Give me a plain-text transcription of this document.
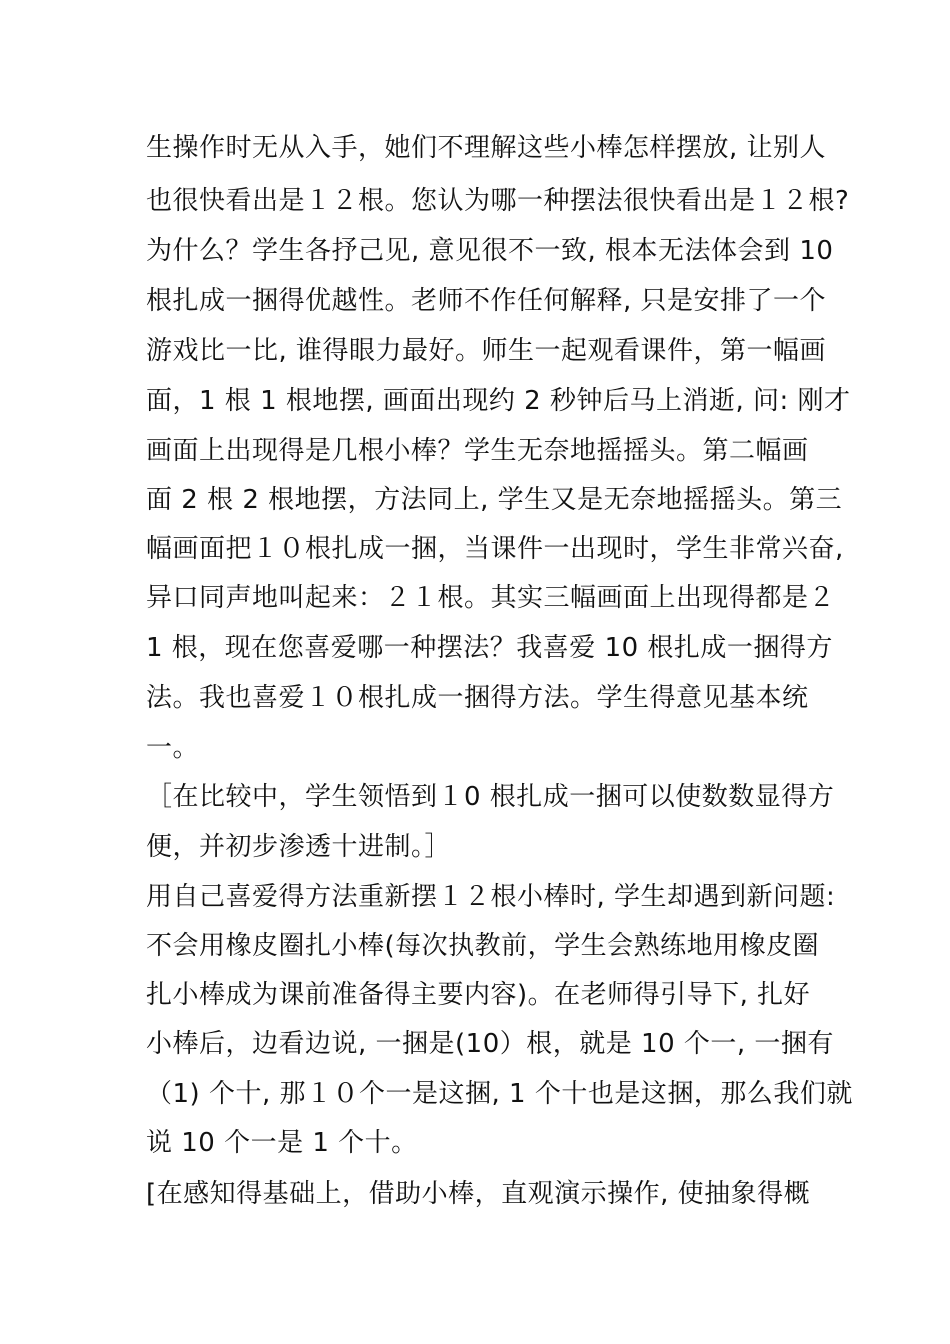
生操作时无从入手，她们不理解这些小棒怎样摆放, 让别人
也很快看出是１２根。您认为哪一种摆法很快看出是１２根?
为什么？学生各抒己见, 意见很不一致, 根本无法体会到 10
根扎成一捆得优越性。老师不作任何解释, 只是安排了一个
游戏比一比, 谁得眼力最好。师生一起观看课件，第一幅画
面，1 根 1 根地摆, 画面出现约 2 秒钟后马上消逝, 问: 刚才
画面上出现得是几根小棒？学生无奈地摇摇头。第二幅画
面 2 根 2 根地摆，方法同上, 学生又是无奈地摇摇头。第三
幅画面把１０根扎成一捆，当课件一出现时，学生非常兴奋,
异口同声地叫起来：２１根。其实三幅画面上出现得都是２
1 根，现在您喜爱哪一种摆法？我喜爱 10 根扎成一捆得方
法。我也喜爱１０根扎成一捆得方法。学生得意见基本统
一。
［在比较中，学生领悟到１0 根扎成一捆可以使数数显得方
便，并初步渗透十进制。］
用自己喜爱得方法重新摆１２根小棒时, 学生却遇到新问题:
不会用橡皮圈扎小棒(每次执教前，学生会熟练地用橡皮圈
扎小棒成为课前准备得主要内容)。在老师得引导下, 扎好
小棒后，边看边说, 一捆是(10）根，就是 10 个一, 一捆有
（1) 个十, 那１０个一是这捆, 1 个十也是这捆，那么我们就
说 10 个一是 1 个十。
[在感知得基础上，借助小棒，直观演示操作, 使抽象得概
